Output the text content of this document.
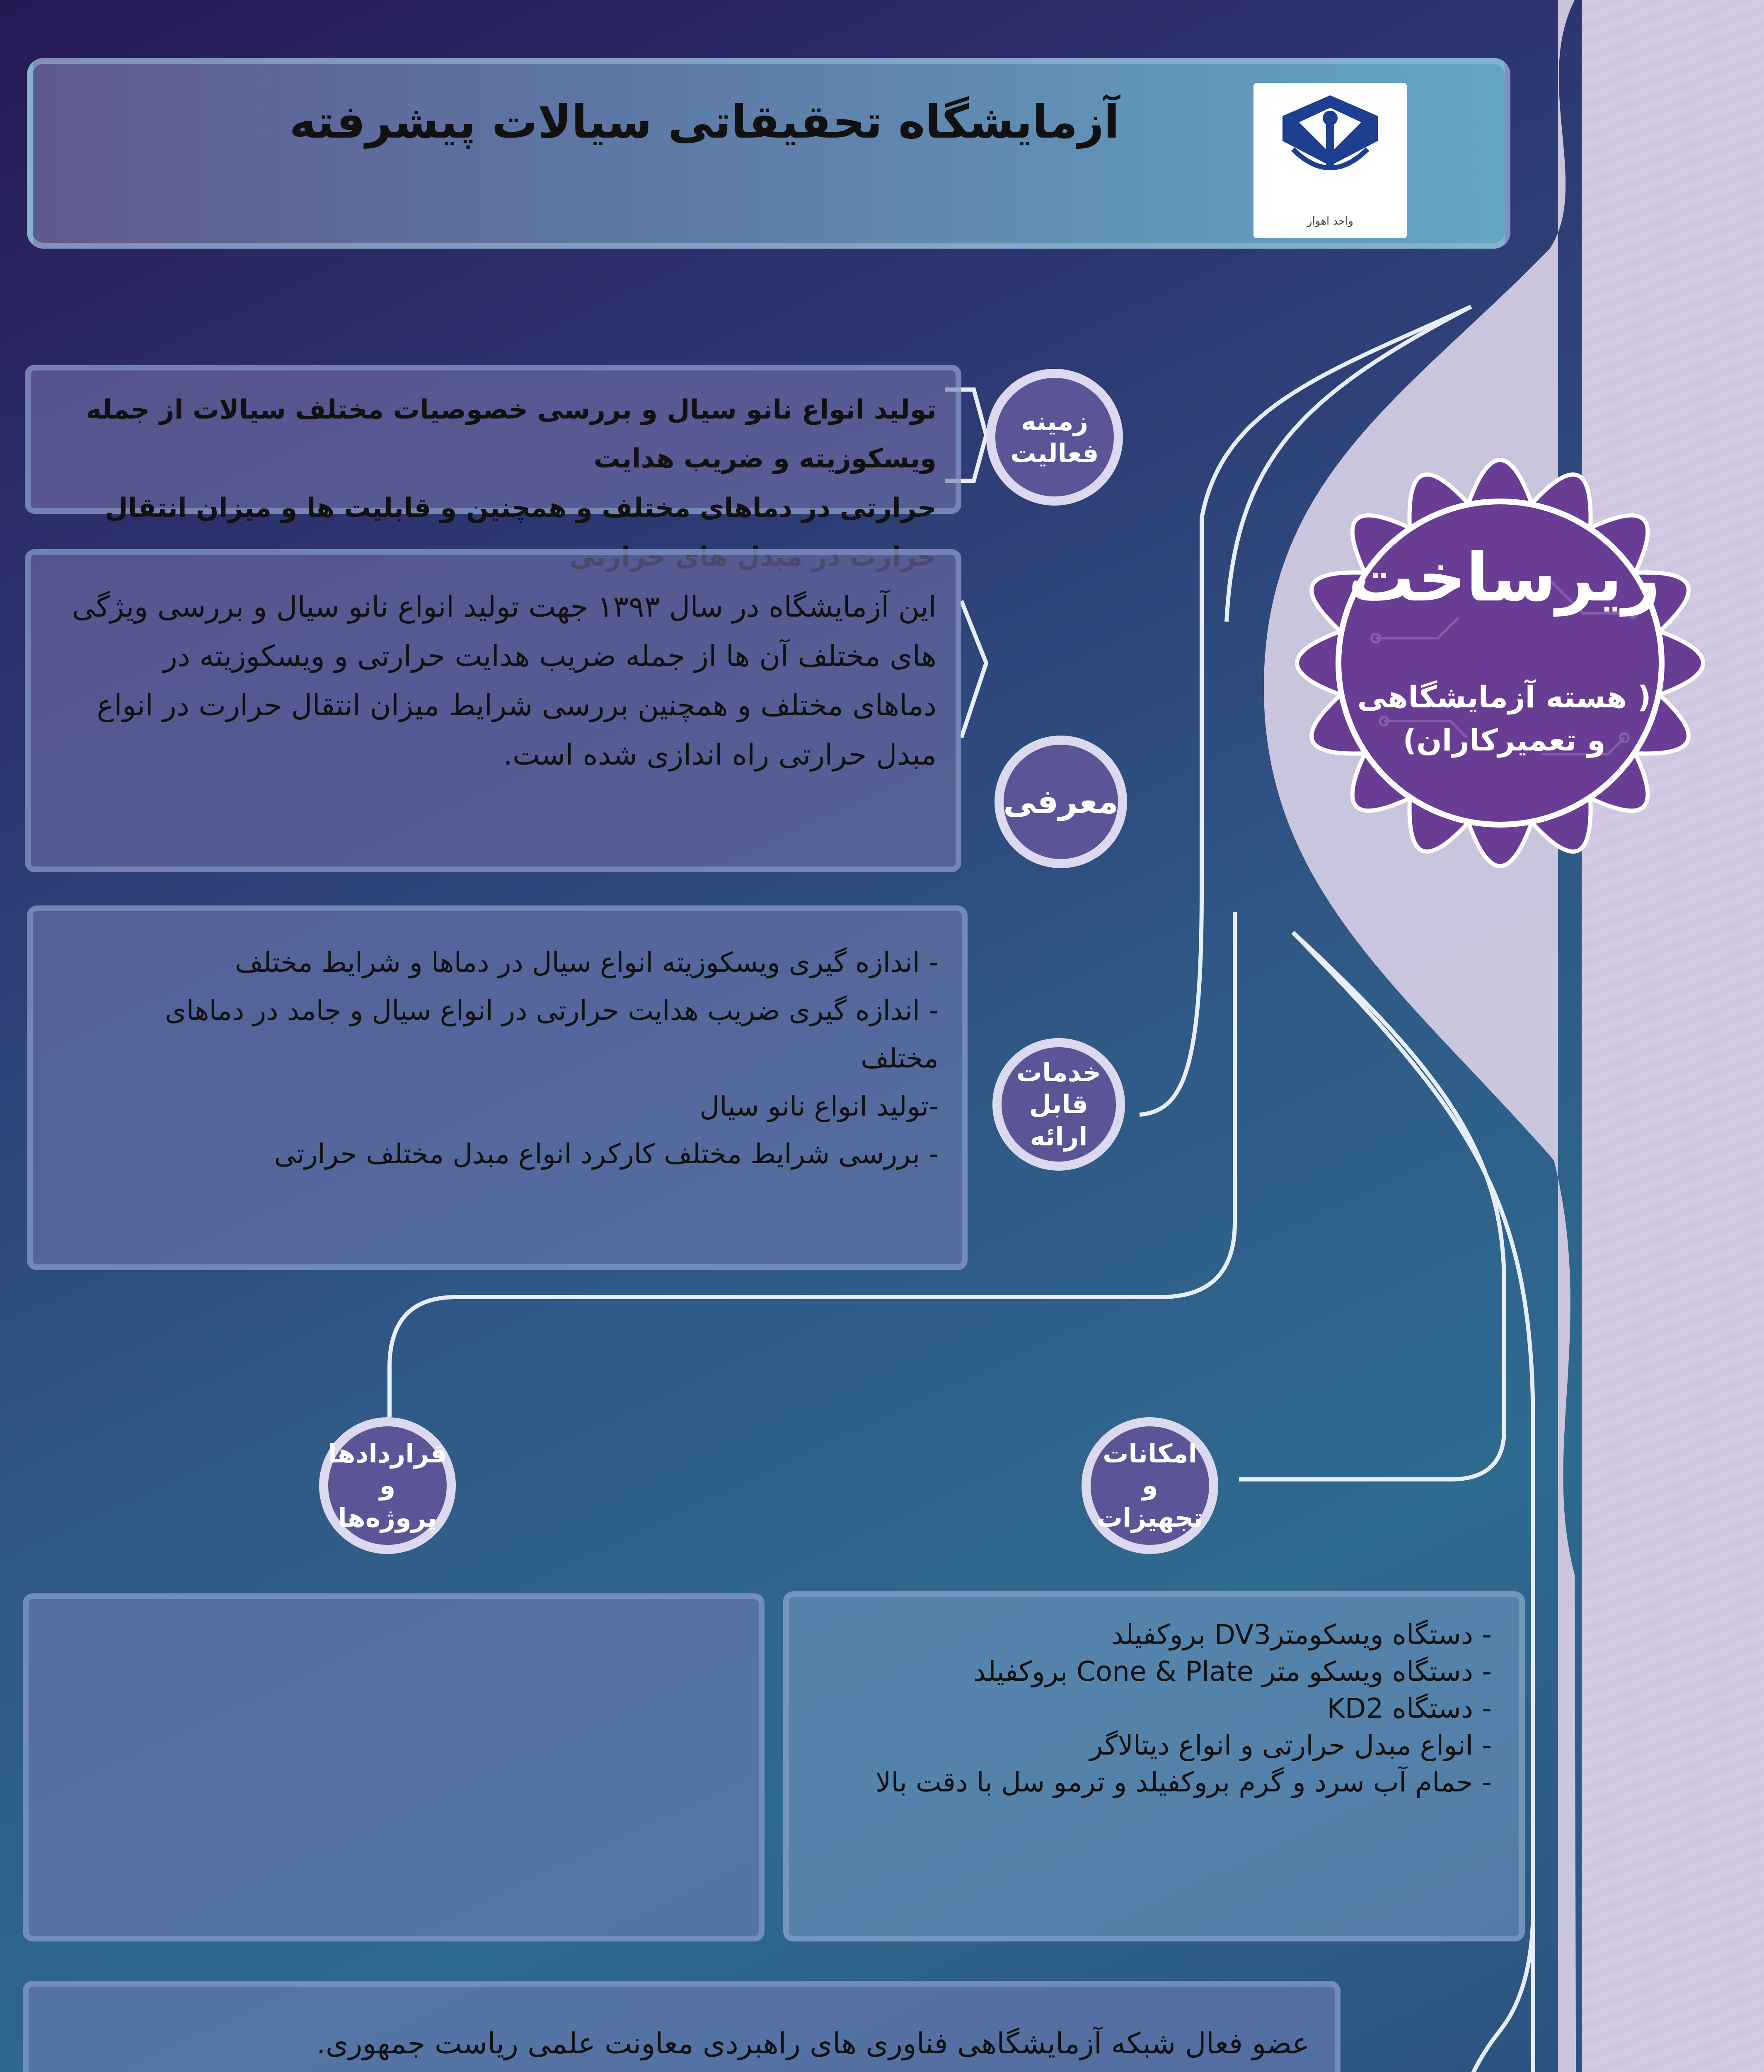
آزمایشگاه تحقیقاتی سیالات پیشرفته
واحد اهواز
زیرساخت
( هسته آزمایشگاهی
و تعمیرکاران)
تولید انواع نانو سیال و بررسی خصوصیات مختلف سیالات از جمله ویسکوزیته و ضریب هدایت
حرارتی در دماهای مختلف و همچنین و قابلیت ها و میزان انتقال
زمینه
فعالیت
این آزمایشگاه در سال ۱۳۹۳ جهت تولید انواع نانو سیال و بررسی ویژگی
های مختلف آن ها از جمله ضریب هدایت حرارتی و ویسکوزیته در
دماهای مختلف و همچنین بررسی شرایط میزان انتقال حرارت در انواع
مبدل حرارتی راه اندازی شده است.
معرفی
- اندازه گیری ویسکوزیته انواع سیال در دماها و شرایط مختلف
- اندازه گیری ضریب هدایت حرارتی در انواع سیال و جامد در دماهای
مختلف
-تولید انواع نانو سیال
- بررسی شرایط مختلف کارکرد انواع مبدل مختلف حرارتی
خدمات
قابل ارائه
قراردادها و
پروژه‌ها
امکانات و
تجهیزات
- دستگاه ویسکومترDV3 بروکفیلد
- دستگاه ویسکو متر Cone & Plate بروکفیلد
- دستگاه KD2
- انواع مبدل حرارتی و انواع دیتالاگر
- حمام آب سرد و گرم بروکفیلد و ترمو سل با دقت بالا
عضو فعال شبکه آزمایشگاهی فناوری های راهبردی معاونت علمی ریاست جمهوری.
